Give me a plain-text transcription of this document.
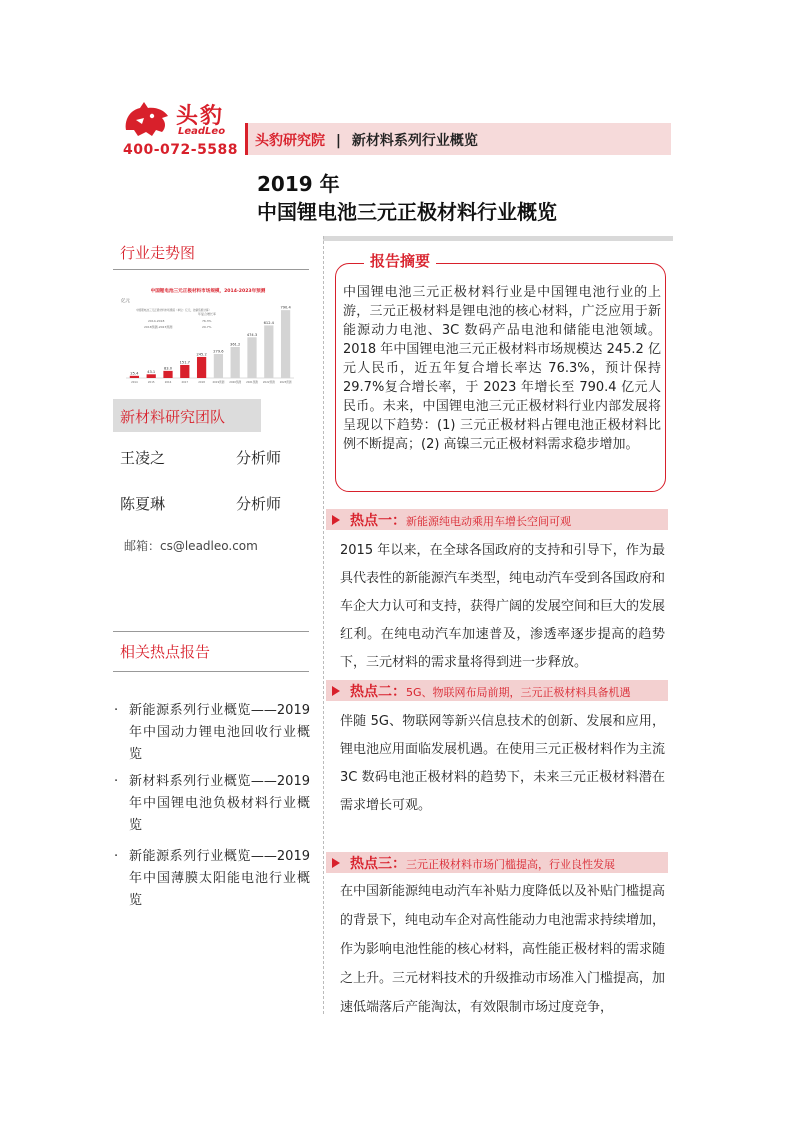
头豹
LeadLeo
400-072-5588
头豹研究院 | 新材料系列行业概览
2019 年
中国锂电池三元正极材料行业概览
行业走势图
中国锂电池三元正极材料市场规模，2014-2023年预测
亿元
中国锂电池三元正极材料市场规模（单位：亿元，按销售额计算）
年复合增长率
2014-2018	76.3%
2018预测-2023预测	29.7%
25.4
2014
43.1
2015
83.0
2016
151.7
2017
245.2
2018
279.6
2019预测
361.2
2020预测
474.3
2021预测
612.4
2022预测
790.4
2023预测
新材料研究团队
王凌之	分析师
陈夏琳	分析师
邮箱：cs@leadleo.com
相关热点报告
· 新能源系列行业概览——2019 年中国动力锂电池回收行业概览
· 新材料系列行业概览——2019 年中国锂电池负极材料行业概览
· 新能源系列行业概览——2019 年中国薄膜太阳能电池行业概览
报告摘要
中国锂电池三元正极材料行业是中国锂电池行业的上游，三元正极材料是锂电池的核心材料，广泛应用于新能源动力电池、3C 数码产品电池和储能电池领域。2018 年中国锂电池三元正极材料市场规模达 245.2 亿元人民币，近五年复合增长率达 76.3%，预计保持 29.7%复合增长率，于 2023 年增长至 790.4 亿元人民币。未来，中国锂电池三元正极材料行业内部发展将呈现以下趋势：(1) 三元正极材料占锂电池正极材料比例不断提高；(2) 高镍三元正极材料需求稳步增加。
热点一：新能源纯电动乘用车增长空间可观
2015 年以来，在全球各国政府的支持和引导下，作为最具代表性的新能源汽车类型，纯电动汽车受到各国政府和车企大力认可和支持，获得广阔的发展空间和巨大的发展红利。在纯电动汽车加速普及，渗透率逐步提高的趋势下，三元材料的需求量将得到进一步释放。
热点二：5G、物联网布局前期，三元正极材料具备机遇
伴随 5G、物联网等新兴信息技术的创新、发展和应用，锂电池应用面临发展机遇。在使用三元正极材料作为主流 3C 数码电池正极材料的趋势下，未来三元正极材料潜在需求增长可观。
热点三：三元正极材料市场门槛提高，行业良性发展
在中国新能源纯电动汽车补贴力度降低以及补贴门槛提高的背景下，纯电动车企对高性能动力电池需求持续增加，作为影响电池性能的核心材料，高性能正极材料的需求随之上升。三元材料技术的升级推动市场准入门槛提高，加速低端落后产能淘汰，有效限制市场过度竞争，
